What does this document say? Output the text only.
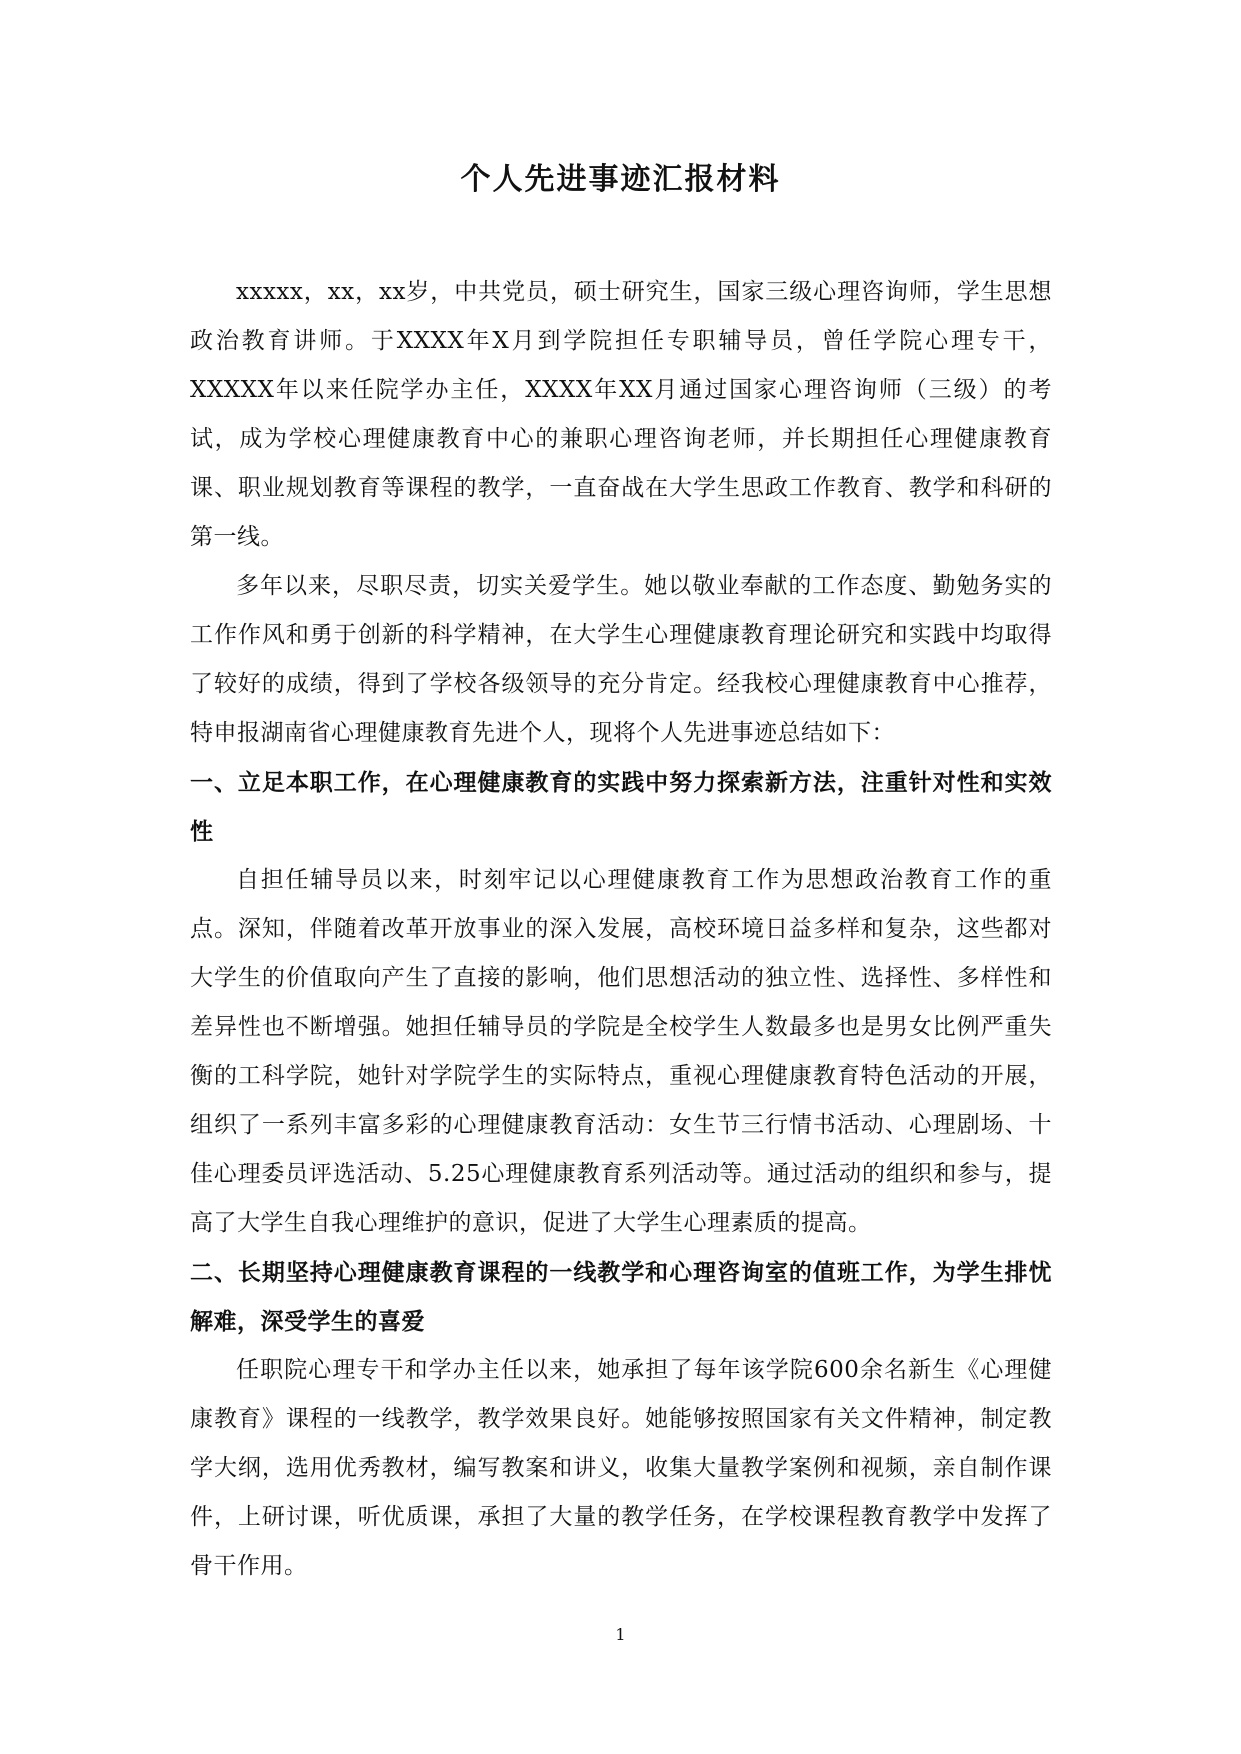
个人先进事迹汇报材料

xxxxx，xx，xx岁，中共党员，硕士研究生，国家三级心理咨询师，学生思想政治教育讲师。于XXXX年X月到学院担任专职辅导员，曾任学院心理专干，XXXXX年以来任院学办主任，XXXX年XX月通过国家心理咨询师（三级）的考试，成为学校心理健康教育中心的兼职心理咨询老师，并长期担任心理健康教育课、职业规划教育等课程的教学，一直奋战在大学生思政工作教育、教学和科研的第一线。

多年以来，尽职尽责，切实关爱学生。她以敬业奉献的工作态度、勤勉务实的工作作风和勇于创新的科学精神，在大学生心理健康教育理论研究和实践中均取得了较好的成绩，得到了学校各级领导的充分肯定。经我校心理健康教育中心推荐，特申报湖南省心理健康教育先进个人，现将个人先进事迹总结如下：

一、立足本职工作，在心理健康教育的实践中努力探索新方法，注重针对性和实效性

自担任辅导员以来，时刻牢记以心理健康教育工作为思想政治教育工作的重点。深知，伴随着改革开放事业的深入发展，高校环境日益多样和复杂，这些都对大学生的价值取向产生了直接的影响，他们思想活动的独立性、选择性、多样性和差异性也不断增强。她担任辅导员的学院是全校学生人数最多也是男女比例严重失衡的工科学院，她针对学院学生的实际特点，重视心理健康教育特色活动的开展，组织了一系列丰富多彩的心理健康教育活动：女生节三行情书活动、心理剧场、十佳心理委员评选活动、5.25心理健康教育系列活动等。通过活动的组织和参与，提高了大学生自我心理维护的意识，促进了大学生心理素质的提高。

二、长期坚持心理健康教育课程的一线教学和心理咨询室的值班工作，为学生排忧解难，深受学生的喜爱

任职院心理专干和学办主任以来，她承担了每年该学院600余名新生《心理健康教育》课程的一线教学，教学效果良好。她能够按照国家有关文件精神，制定教学大纲，选用优秀教材，编写教案和讲义，收集大量教学案例和视频，亲自制作课件，上研讨课，听优质课，承担了大量的教学任务，在学校课程教育教学中发挥了骨干作用。

1
